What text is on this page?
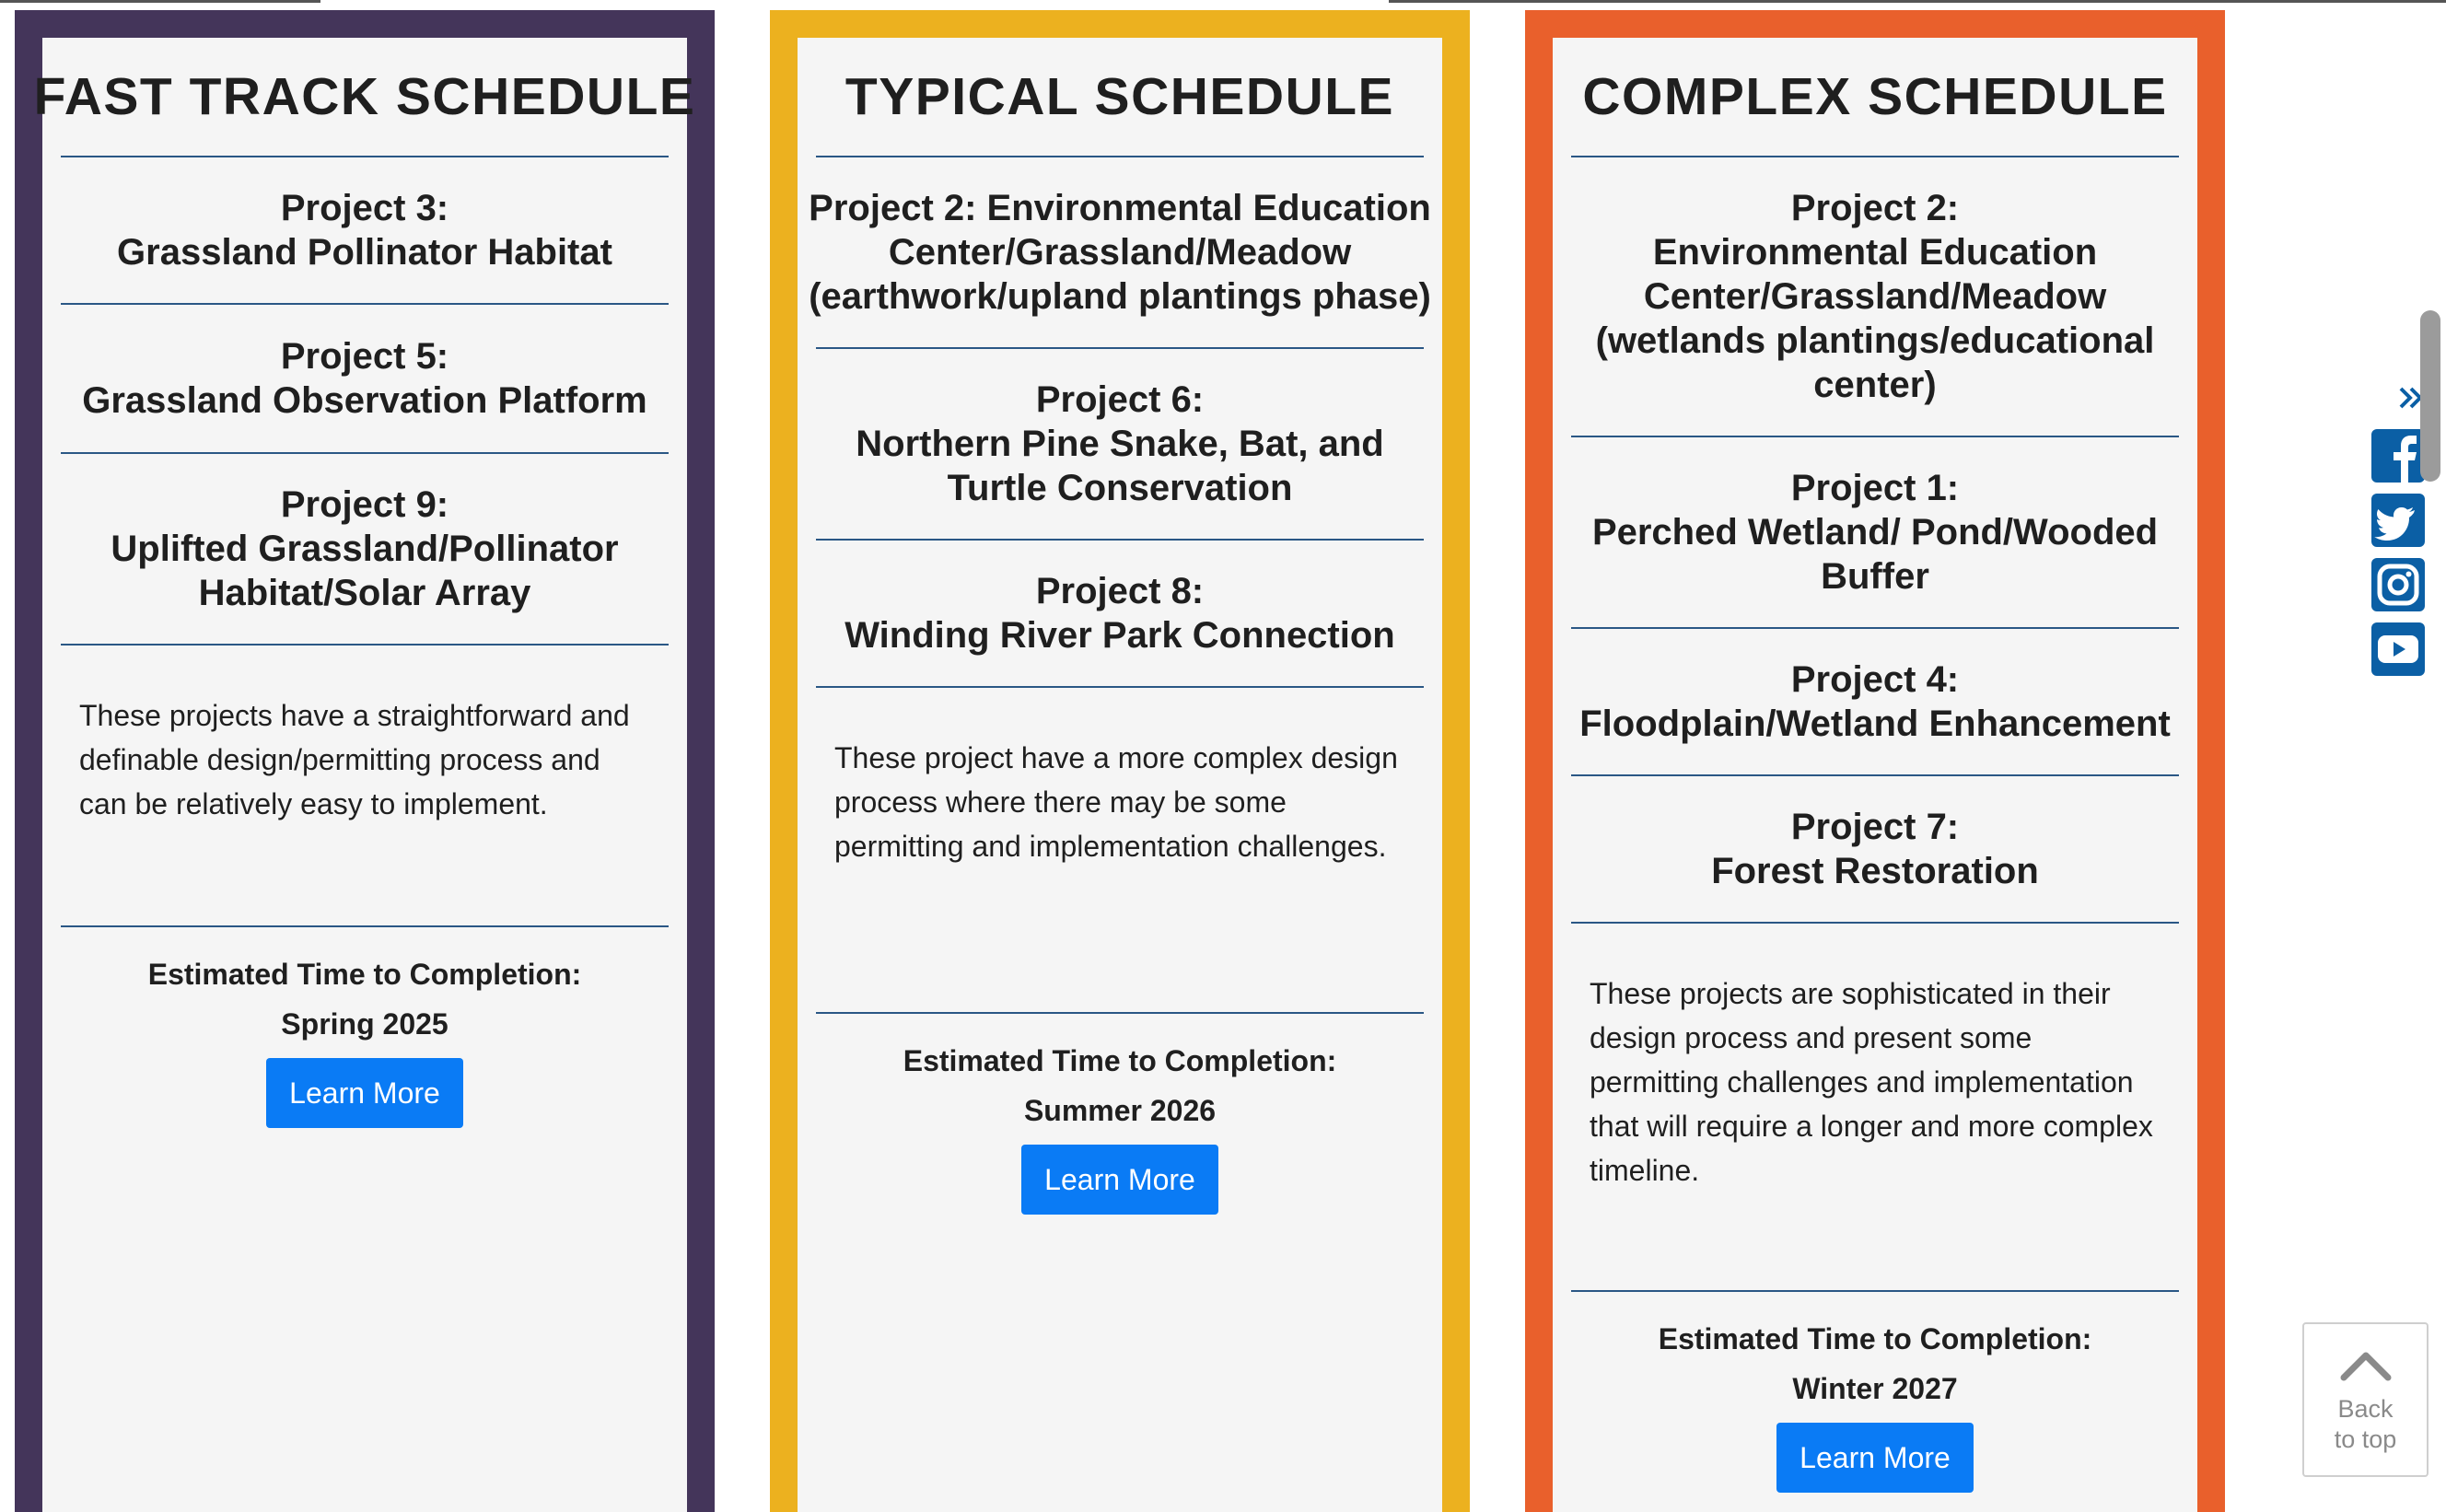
FAST TRACK SCHEDULE
Project 3:
Grassland Pollinator Habitat
Project 5:
Grassland Observation Platform
Project 9:
Uplifted Grassland/Pollinator Habitat/Solar Array
These projects have a straightforward and definable design/permitting process and can be relatively easy to implement.
Estimated Time to Completion:
Spring 2025
Learn More
TYPICAL SCHEDULE
Project 2: Environmental Education Center/Grassland/Meadow (earthwork/upland plantings phase)
Project 6:
Northern Pine Snake, Bat, and Turtle Conservation
Project 8:
Winding River Park Connection
These project have a more complex design process where there may be some permitting and implementation challenges.
Estimated Time to Completion:
Summer 2026
Learn More
COMPLEX SCHEDULE
Project 2:
Environmental Education Center/Grassland/Meadow (wetlands plantings/educational center)
Project 1:
Perched Wetland/ Pond/Wooded Buffer
Project 4:
Floodplain/Wetland Enhancement
Project 7:
Forest Restoration
These projects are sophisticated in their design process and present some permitting challenges and implementation that will require a longer and more complex timeline.
Estimated Time to Completion:
Winter 2027
Learn More
Back
to top
